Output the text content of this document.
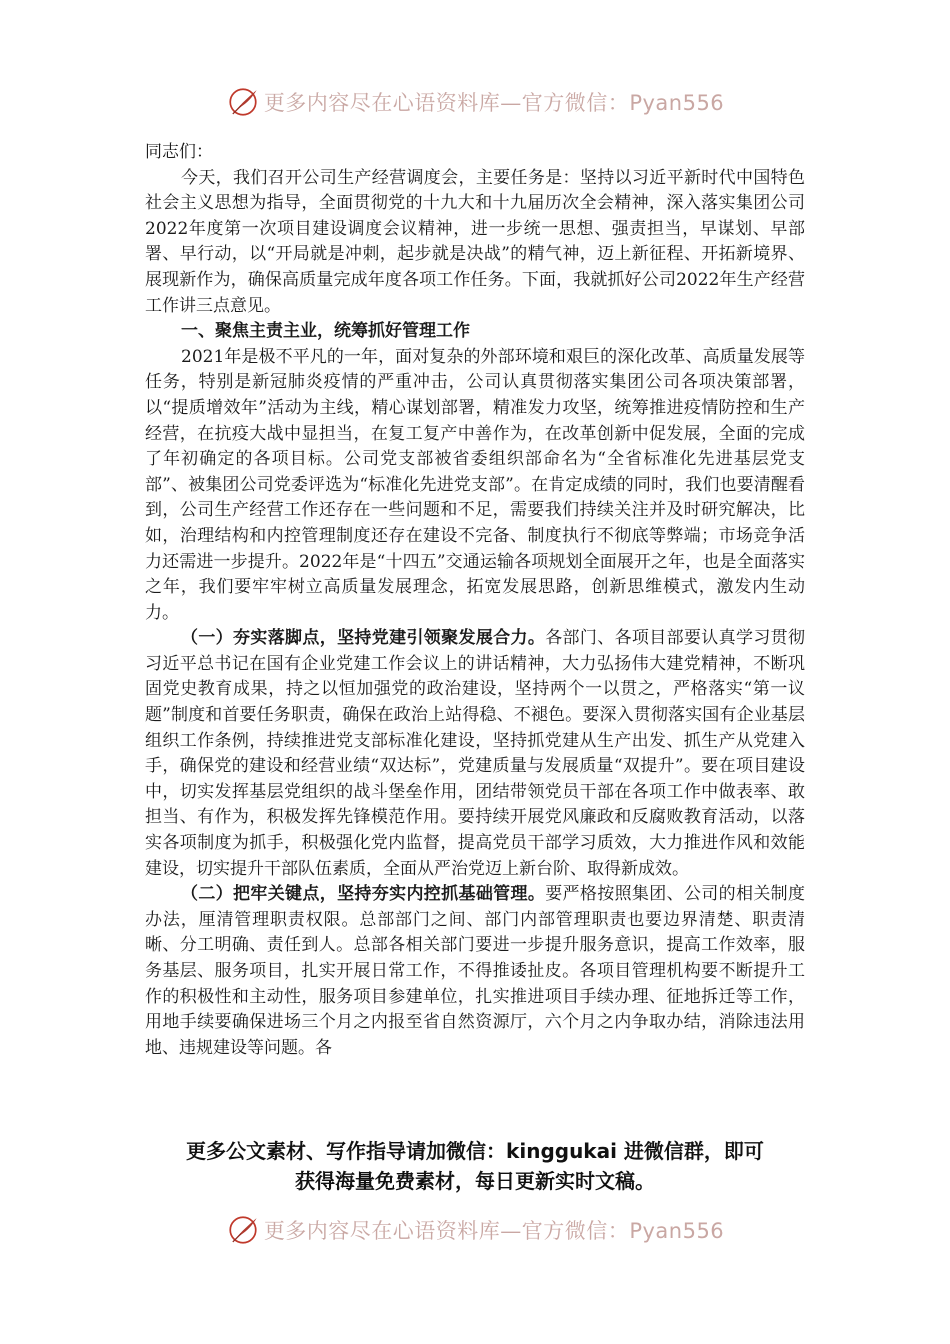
更多内容尽在心语资料库—官方微信：Pyan556

同志们：

今天，我们召开公司生产经营调度会，主要任务是：坚持以习近平新时代中国特色社会主义思想为指导，全面贯彻党的十九大和十九届历次全会精神，深入落实集团公司2022年度第一次项目建设调度会议精神，进一步统一思想、强责担当，早谋划、早部署、早行动，以“开局就是冲刺，起步就是决战”的精气神，迈上新征程、开拓新境界、展现新作为，确保高质量完成年度各项工作任务。下面，我就抓好公司2022年生产经营工作讲三点意见。

一、聚焦主责主业，统筹抓好管理工作

2021年是极不平凡的一年，面对复杂的外部环境和艰巨的深化改革、高质量发展等任务，特别是新冠肺炎疫情的严重冲击，公司认真贯彻落实集团公司各项决策部署，以“提质增效年”活动为主线，精心谋划部署，精准发力攻坚，统筹推进疫情防控和生产经营，在抗疫大战中显担当，在复工复产中善作为，在改革创新中促发展，全面的完成了年初确定的各项目标。公司党支部被省委组织部命名为“全省标准化先进基层党支部”、被集团公司党委评选为“标准化先进党支部”。在肯定成绩的同时，我们也要清醒看到，公司生产经营工作还存在一些问题和不足，需要我们持续关注并及时研究解决，比如，治理结构和内控管理制度还存在建设不完备、制度执行不彻底等弊端；市场竞争活力还需进一步提升。2022年是“十四五”交通运输各项规划全面展开之年，也是全面落实之年，我们要牢牢树立高质量发展理念，拓宽发展思路，创新思维模式，激发内生动力。

（一）夯实落脚点，坚持党建引领聚发展合力。各部门、各项目部要认真学习贯彻习近平总书记在国有企业党建工作会议上的讲话精神，大力弘扬伟大建党精神，不断巩固党史教育成果，持之以恒加强党的政治建设，坚持两个一以贯之，严格落实“第一议题”制度和首要任务职责，确保在政治上站得稳、不褪色。要深入贯彻落实国有企业基层组织工作条例，持续推进党支部标准化建设，坚持抓党建从生产出发、抓生产从党建入手，确保党的建设和经营业绩“双达标”，党建质量与发展质量“双提升”。要在项目建设中，切实发挥基层党组织的战斗堡垒作用，团结带领党员干部在各项工作中做表率、敢担当、有作为，积极发挥先锋模范作用。要持续开展党风廉政和反腐败教育活动，以落实各项制度为抓手，积极强化党内监督，提高党员干部学习质效，大力推进作风和效能建设，切实提升干部队伍素质，全面从严治党迈上新台阶、取得新成效。

（二）把牢关键点，坚持夯实内控抓基础管理。要严格按照集团、公司的相关制度办法，厘清管理职责权限。总部部门之间、部门内部管理职责也要边界清楚、职责清晰、分工明确、责任到人。总部各相关部门要进一步提升服务意识，提高工作效率，服务基层、服务项目，扎实开展日常工作，不得推诿扯皮。各项目管理机构要不断提升工作的积极性和主动性，服务项目参建单位，扎实推进项目手续办理、征地拆迁等工作，用地手续要确保进场三个月之内报至省自然资源厅，六个月之内争取办结，消除违法用地、违规建设等问题。各

更多公文素材、写作指导请加微信：kinggukai 进微信群，即可
获得海量免费素材，每日更新实时文稿。
更多内容尽在心语资料库—官方微信：Pyan556
